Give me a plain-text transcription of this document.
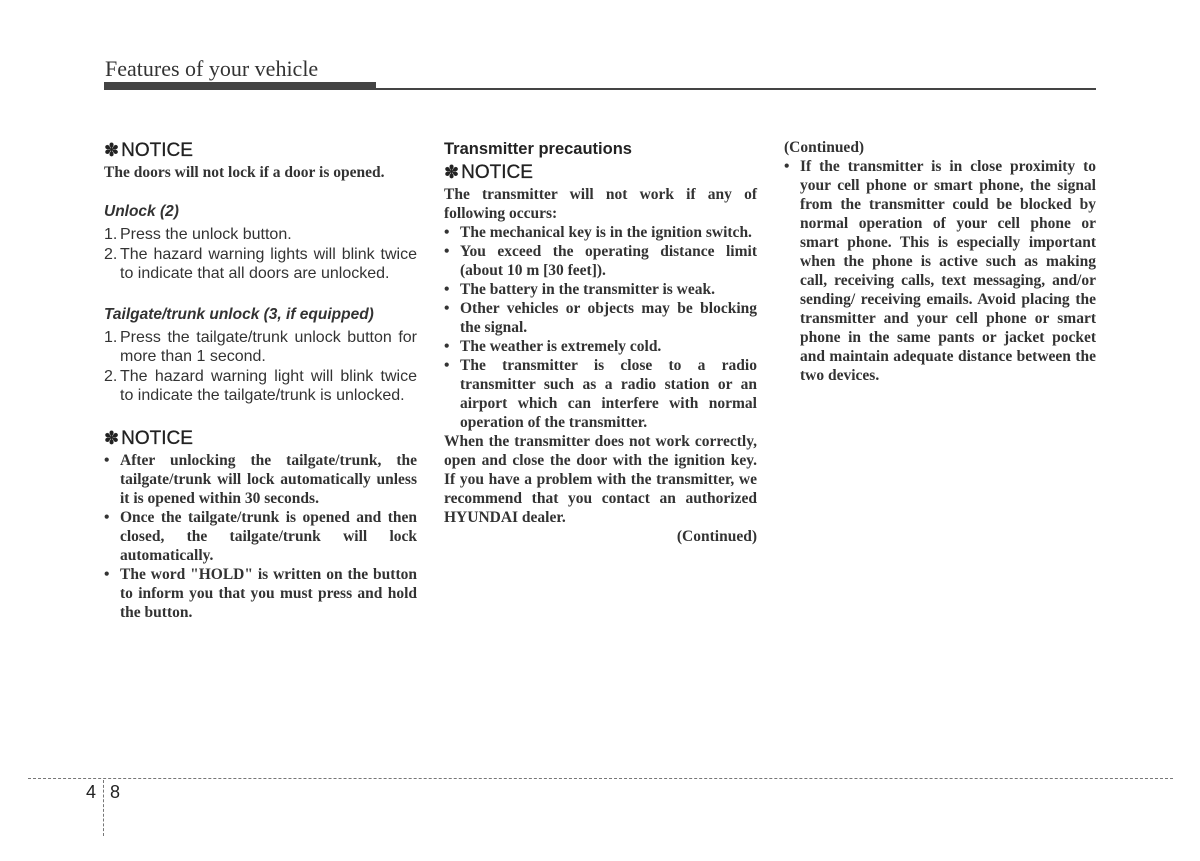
Features of your vehicle
✽ NOTICE

The doors will not lock if a door is opened.

Unlock (2)

1. Press the unlock button.
2. The hazard warning lights will blink twice to indicate that all doors are unlocked.

Tailgate/trunk unlock (3, if equipped)

1. Press the tailgate/trunk unlock button for more than 1 second.
2. The hazard warning light will blink twice to indicate the tailgate/trunk is unlocked.
✽ NOTICE
• After unlocking the tailgate/trunk, the tailgate/trunk will lock automatically unless it is opened within 30 seconds.
• Once the tailgate/trunk is opened and then closed, the tailgate/trunk will lock automatically.
• The word "HOLD" is written on the button to inform you that you must press and hold the button.
Transmitter precautions
✽ NOTICE

The transmitter will not work if any of following occurs:

• The mechanical key is in the ignition switch.
• You exceed the operating distance limit (about 10 m [30 feet]).
• The battery in the transmitter is weak.
• Other vehicles or objects may be blocking the signal.
• The weather is extremely cold.
• The transmitter is close to a radio transmitter such as a radio station or an airport which can interfere with normal operation of the transmitter.

When the transmitter does not work correctly, open and close the door with the ignition key. If you have a problem with the transmitter, we recommend that you contact an authorized HYUNDAI dealer.

(Continued)

(Continued)

• If the transmitter is in close proximity to your cell phone or smart phone, the signal from the transmitter could be blocked by normal operation of your cell phone or smart phone. This is especially important when the phone is active such as making call, receiving calls, text messaging, and/or sending/ receiving emails. Avoid placing the transmitter and your cell phone or smart phone in the same pants or jacket pocket and maintain adequate distance between the two devices.
4 8
